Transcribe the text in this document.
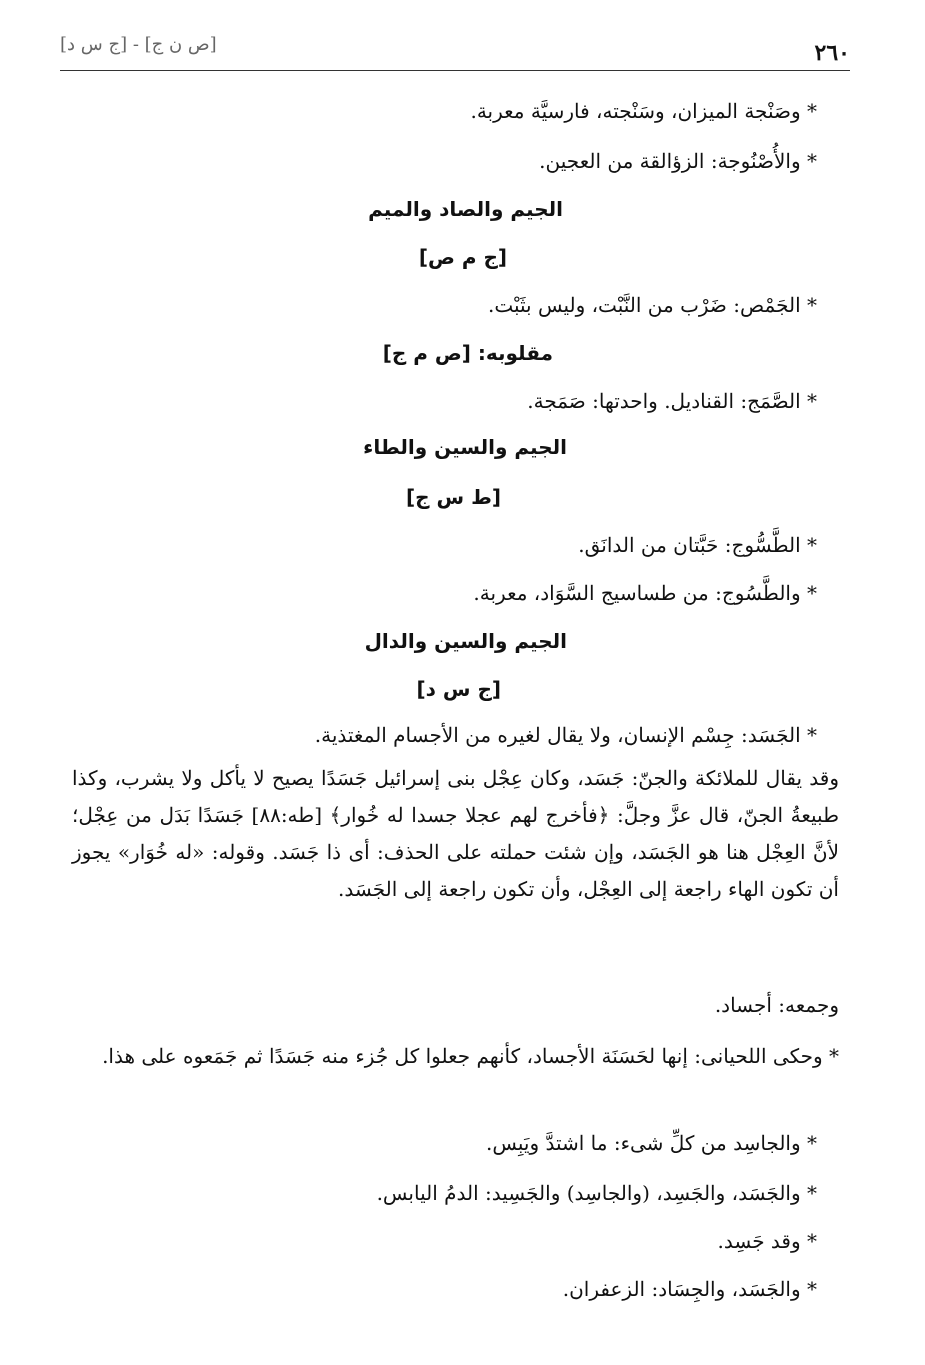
٢٦٠
[ص ن ج] - [ج س د]
* وصَنْجة الميزان، وسَنْجته، فارسيَّة معربة.
* والأُصْنُوجة: الزؤالقة من العجين.
الجيم والصاد والميم
[ج م ص]
* الجَمْص: ضَرْب من النَّبْت، وليس بثَبْت.
مقلوبه: [ص م ج]
* الصَّمَج: القناديل. واحدتها: صَمَجة.
الجيم والسين والطاء
[ط س ج]
* الطَّسُّوج: حَبَّتان من الدانَق.
* والطَّسُوج: من طساسيج السَّوَاد، معربة.
الجيم والسين والدال
[ج س د]
* الجَسَد: جِسْم الإنسان، ولا يقال لغيره من الأجسام المغتذية.
وقد يقال للملائكة والجنّ: جَسَد، وكان عِجْل بنى إسرائيل جَسَدًا يصيح لا يأكل ولا يشرب، وكذا طبيعةُ الجنّ، قال عزَّ وجلَّ: ﴿فأخرج لهم عجلا جسدا له خُوار﴾ [طه:٨٨] جَسَدًا بَدَل من عِجْل؛ لأنَّ العِجْل هنا هو الجَسَد، وإن شئت حملته على الحذف: أى ذا جَسَد. وقوله: «له خُوَار» يجوز أن تكون الهاء راجعة إلى العِجْل، وأن تكون راجعة إلى الجَسَد.
وجمعه: أجساد.
* وحكى اللحيانى: إنها لحَسَنَة الأجساد، كأنهم جعلوا كل جُزء منه جَسَدًا ثم جَمَعوه على هذا.
* والجاسِد من كلِّ شىء: ما اشتدَّ ويَبِس.
* والجَسَد، والجَسِد، (والجاسِد) والجَسِيد: الدمُ اليابس.
* وقد جَسِد.
* والجَسَد، والجِسَاد: الزعفران.
